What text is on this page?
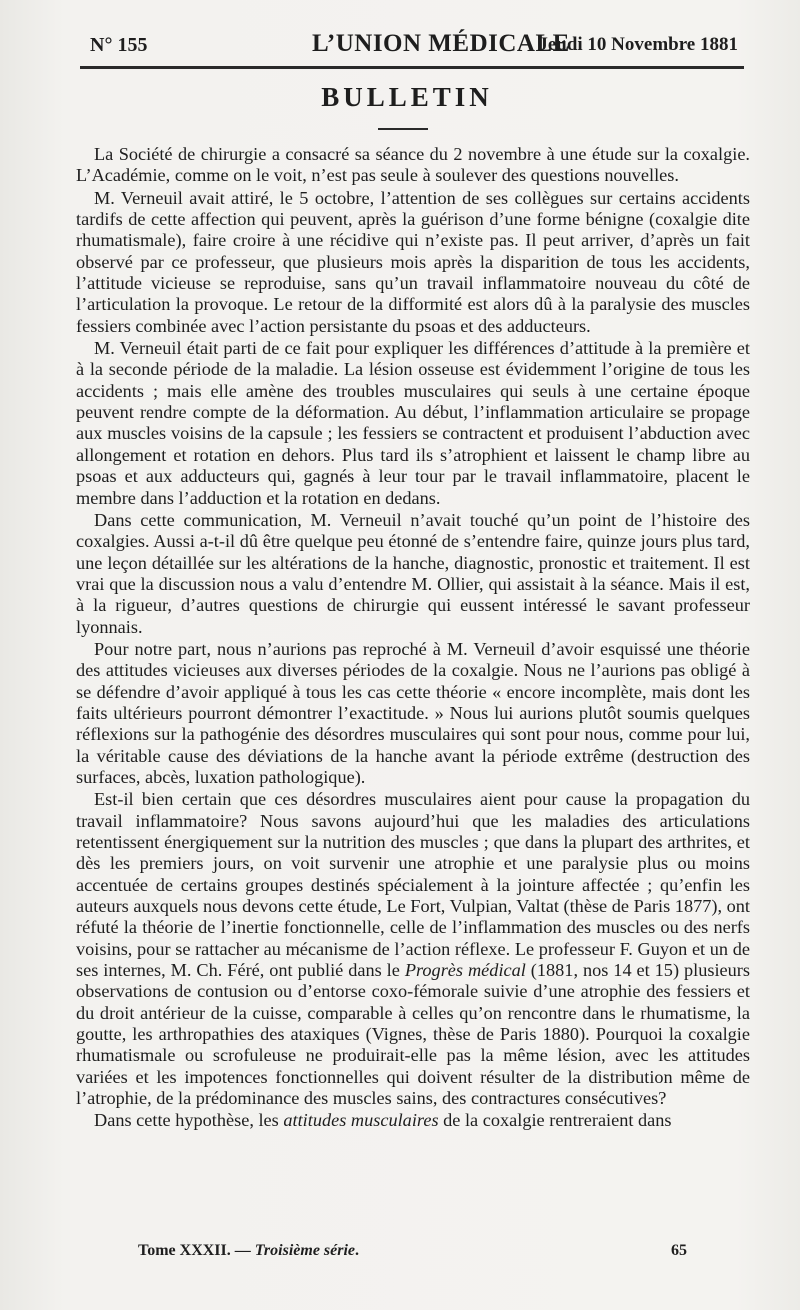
N° 155	L’UNION MÉDICALE
Jeudi 10 Novembre 1881
BULLETIN

La Société de chirurgie a consacré sa séance du 2 novembre à une étude sur la coxalgie. L’Académie, comme on le voit, n’est pas seule à soulever des questions nouvelles.

M. Verneuil avait attiré, le 5 octobre, l’attention de ses collègues sur certains accidents tardifs de cette affection qui peuvent, après la guérison d’une forme bénigne (coxalgie dite rhumatismale), faire croire à une récidive qui n’existe pas. Il peut arriver, d’après un fait observé par ce professeur, que plusieurs mois après la disparition de tous les accidents, l’attitude vicieuse se reproduise, sans qu’un travail inflammatoire nouveau du côté de l’articulation la provoque. Le retour de la difformité est alors dû à la paralysie des muscles fessiers combinée avec l’action persistante du psoas et des adducteurs.

M. Verneuil était parti de ce fait pour expliquer les différences d’attitude à la première et à la seconde période de la maladie. La lésion osseuse est évidemment l’origine de tous les accidents ; mais elle amène des troubles musculaires qui seuls à une certaine époque peuvent rendre compte de la déformation. Au début, l’inflammation articulaire se propage aux muscles voisins de la capsule ; les fessiers se contractent et produisent l’abduction avec allongement et rotation en dehors. Plus tard ils s’atrophient et laissent le champ libre au psoas et aux adducteurs qui, gagnés à leur tour par le travail inflammatoire, placent le membre dans l’adduction et la rotation en dedans.

Dans cette communication, M. Verneuil n’avait touché qu’un point de l’histoire des coxalgies. Aussi a-t-il dû être quelque peu étonné de s’entendre faire, quinze jours plus tard, une leçon détaillée sur les altérations de la hanche, diagnostic, pronostic et traitement. Il est vrai que la discussion nous a valu d’entendre M. Ollier, qui assistait à la séance. Mais il est, à la rigueur, d’autres questions de chirurgie qui eussent intéressé le savant professeur lyonnais.

Pour notre part, nous n’aurions pas reproché à M. Verneuil d’avoir esquissé une théorie des attitudes vicieuses aux diverses périodes de la coxalgie. Nous ne l’aurions pas obligé à se défendre d’avoir appliqué à tous les cas cette théorie « encore incomplète, mais dont les faits ultérieurs pourront démontrer l’exactitude. » Nous lui aurions plutôt soumis quelques réflexions sur la pathogénie des désordres musculaires qui sont pour nous, comme pour lui, la véritable cause des déviations de la hanche avant la période extrême (destruction des surfaces, abcès, luxation pathologique).

Est-il bien certain que ces désordres musculaires aient pour cause la propagation du travail inflammatoire? Nous savons aujourd’hui que les maladies des articulations retentissent énergiquement sur la nutrition des muscles ; que dans la plupart des arthrites, et dès les premiers jours, on voit survenir une atrophie et une paralysie plus ou moins accentuée de certains groupes destinés spécialement à la jointure affectée ; qu’enfin les auteurs auxquels nous devons cette étude, Le Fort, Vulpian, Valtat (thèse de Paris 1877), ont réfuté la théorie de l’inertie fonctionnelle, celle de l’inflammation des muscles ou des nerfs voisins, pour se rattacher au mécanisme de l’action réflexe. Le professeur F. Guyon et un de ses internes, M. Ch. Féré, ont publié dans le Progrès médical (1881, nos 14 et 15) plusieurs observations de contusion ou d’entorse coxo-fémorale suivie d’une atrophie des fessiers et du droit antérieur de la cuisse, comparable à celles qu’on rencontre dans le rhumatisme, la goutte, les arthropathies des ataxiques (Vignes, thèse de Paris 1880). Pourquoi la coxalgie rhumatismale ou scrofuleuse ne produirait-elle pas la même lésion, avec les attitudes variées et les impotences fonctionnelles qui doivent résulter de la distribution même de l’atrophie, de la prédominance des muscles sains, des contractures consécutives?

Dans cette hypothèse, les attitudes musculaires de la coxalgie rentreraient dans

Tome XXXII. — Troisième série.	65
